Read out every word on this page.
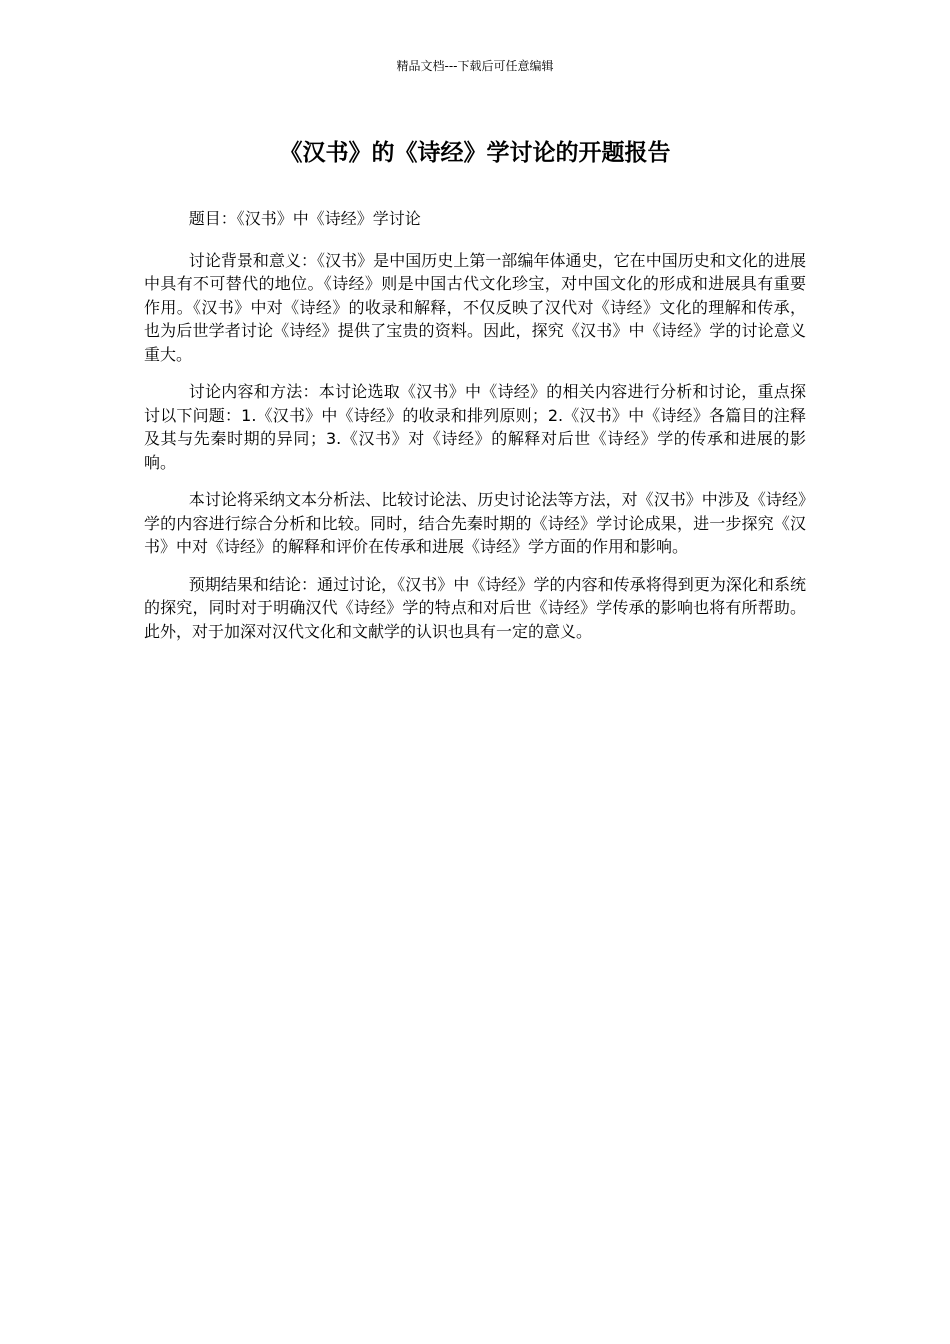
精品文档---下载后可任意编辑
《汉书》的《诗经》学讨论的开题报告

题目：《汉书》中《诗经》学讨论

讨论背景和意义：《汉书》是中国历史上第一部编年体通史，它在中国历史和文化的进展中具有不可替代的地位。《诗经》则是中国古代文化珍宝，对中国文化的形成和进展具有重要作用。《汉书》中对《诗经》的收录和解释，不仅反映了汉代对《诗经》文化的理解和传承，也为后世学者讨论《诗经》提供了宝贵的资料。因此，探究《汉书》中《诗经》学的讨论意义重大。

讨论内容和方法：本讨论选取《汉书》中《诗经》的相关内容进行分析和讨论，重点探讨以下问题：1.《汉书》中《诗经》的收录和排列原则；2.《汉书》中《诗经》各篇目的注释及其与先秦时期的异同；3.《汉书》对《诗经》的解释对后世《诗经》学的传承和进展的影响。

本讨论将采纳文本分析法、比较讨论法、历史讨论法等方法，对《汉书》中涉及《诗经》学的内容进行综合分析和比较。同时，结合先秦时期的《诗经》学讨论成果，进一步探究《汉书》中对《诗经》的解释和评价在传承和进展《诗经》学方面的作用和影响。

预期结果和结论：通过讨论，《汉书》中《诗经》学的内容和传承将得到更为深化和系统的探究，同时对于明确汉代《诗经》学的特点和对后世《诗经》学传承的影响也将有所帮助。此外，对于加深对汉代文化和文献学的认识也具有一定的意义。
